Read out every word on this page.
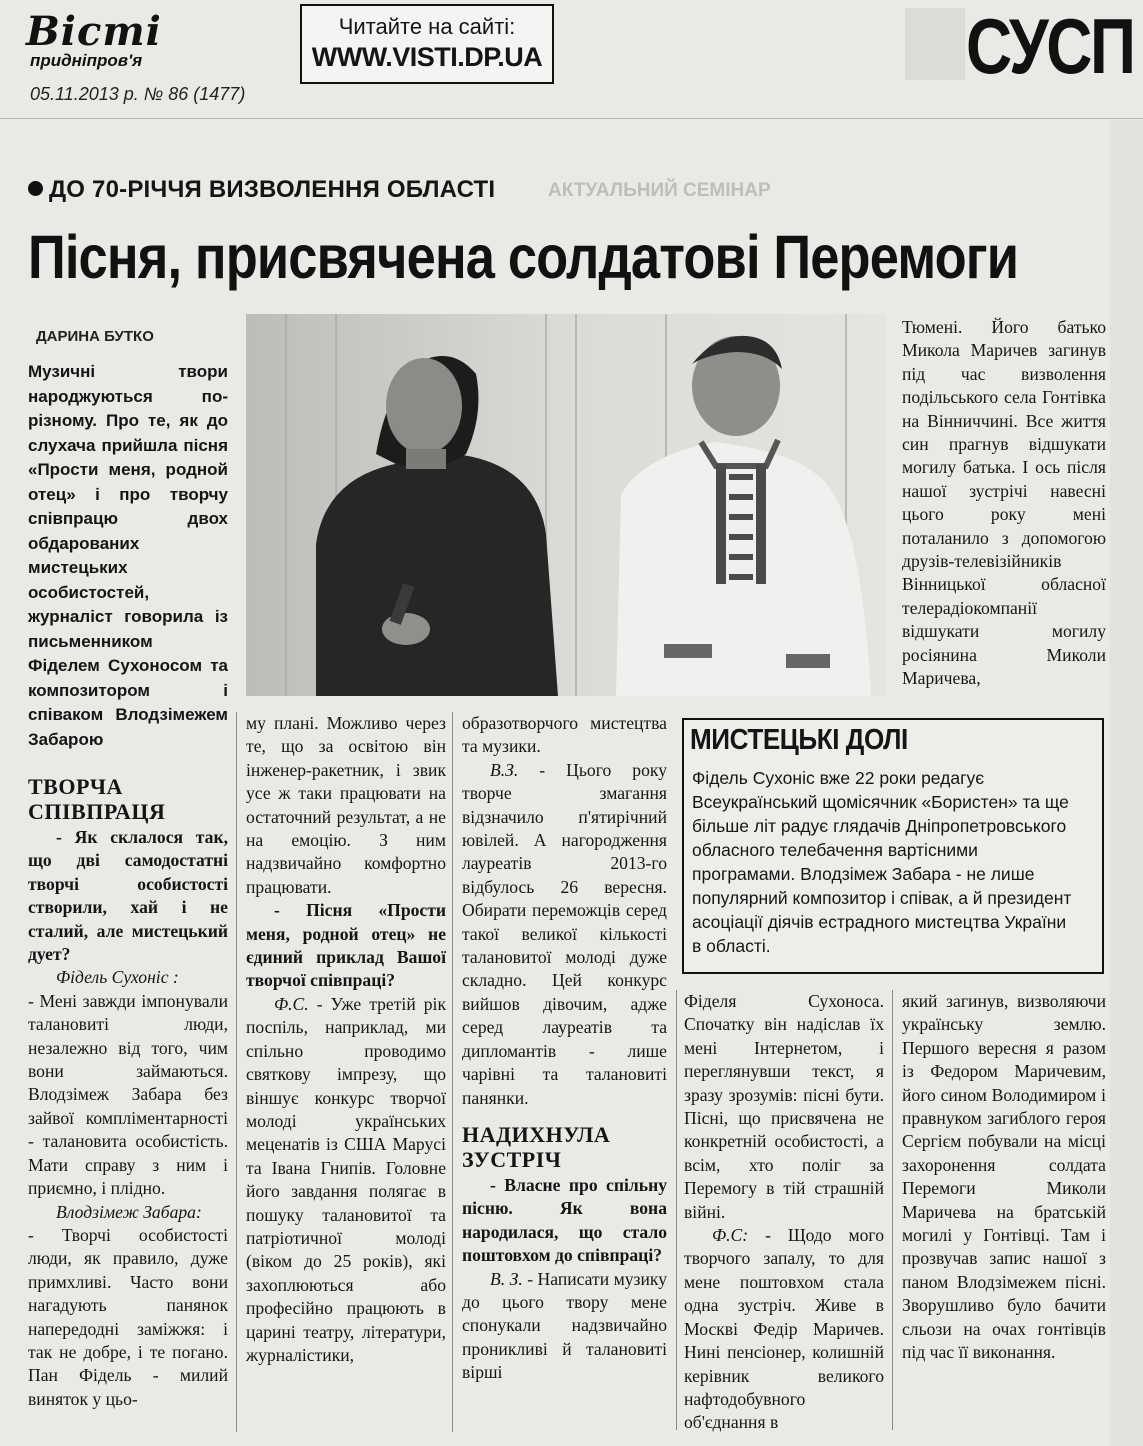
Вісті
придніпров'я
05.11.2013 р. № 86 (1477)
Читайте на сайті:
WWW.VISTI.DP.UA	СУСП
ДО 70-РІЧЧЯ ВИЗВОЛЕННЯ ОБЛАСТІ	АКТУАЛЬНИЙ СЕМІНАР
Пісня, присвячена солдатові Перемоги
ДАРИНА БУТКО
Музичні твори народжуються по-різному. Про те, як до слухача прийшла пісня «Прости меня, родной отец» і про творчу співпрацю двох обдарованих мистецьких особистостей, журналіст говорила із письменником Фіделем Сухоносом та композитором і співаком Влодзімежем Забарою
ТВОРЧА СПІВПРАЦЯ

- Як склалося так, що дві самодостатні творчі особистості створили, хай і не сталий, але мистецький дует?

Фідель Сухоніс :

- Мені завжди імпонували талановиті люди, незалежно від того, чим вони займаються. Влодзімеж Забара без зайвої компліментарності - талановита особистість. Мати справу з ним і приємно, і плідно.

Влодзімеж Забара:

- Творчі особистості люди, як правило, дуже примхливі. Часто вони нагадують панянок напередодні заміжжя: і так не добре, і те погано. Пан Фідель - милий виняток у цьо-

му плані. Можливо через те, що за освітою він інженер-ракетник, і звик усе ж таки працювати на остаточний результат, а не на емоцію. З ним надзвичайно комфортно працювати.

- Пісня «Прости меня, родной отец» не єдиний приклад Вашої творчої співпраці?

Ф.С. - Уже третій рік поспіль, наприклад, ми спільно проводимо святкову імпрезу, що віншує конкурс творчої молоді українських меценатів із США Марусі та Івана Гнипів. Головне його завдання полягає в пошуку талановитої та патріотичної молоді (віком до 25 років), які захоплюються або професійно працюють в царині театру, літератури, журналістики,

образотворчого мистецтва та музики.

В.З. - Цього року творче змагання відзначило п'ятирічний ювілей. А нагородження лауреатів 2013-го відбулось 26 вересня. Обирати переможців серед такої великої кількості талановитої молоді дуже складно. Цей конкурс вийшов дівочим, адже серед лауреатів та дипломантів - лише чарівні та талановиті панянки.

НАДИХНУЛА ЗУСТРІЧ

- Власне про спільну пісню. Як вона народилася, що стало поштовхом до співпраці?

В. З. - Написати музику до цього твору мене спонукали надзвичайно проникливі й талановиті вірші

Тюмені. Його батько Микола Маричев загинув під час визволення подільського села Гонтівка на Вінниччині. Все життя син прагнув відшукати могилу батька. І ось після нашої зустрічі навесні цього року мені поталанило з допомогою друзів-телевізійників Вінницької обласної телерадіокомпанії відшукати могилу росіянина Миколи Маричева,
МИСТЕЦЬКІ ДОЛІ
Фідель Сухоніс вже 22 роки редагує Всеукраїнський щомісячник «Бористен» та ще більше літ радує глядачів Дніпропетровського обласного телебачення вартісними програмами. Влодзімеж Забара - не лише популярний композитор і співак, а й президент асоціації діячів естрадного мистецтва України в області.

Фіделя Сухоноса. Спочатку він надіслав їх мені Інтернетом, і переглянувши текст, я зразу зрозумів: пісні бути. Пісні, що присвячена не конкретній особистості, а всім, хто поліг за Перемогу в тій страшній війні.

Ф.С: - Щодо мого творчого запалу, то для мене поштовхом стала одна зустріч. Живе в Москві Федір Маричев. Нині пенсіонер, колишній керівник великого нафтодобувного об'єднання в

який загинув, визволяючи українську землю. Першого вересня я разом із Федором Маричевим, його сином Володимиром і правнуком загиблого героя Сергієм побували на місці захоронення солдата Перемоги Миколи Маричева на братській могилі у Гонтівці. Там і прозвучав запис нашої з паном Влодзімежем пісні. Зворушливо було бачити сльози на очах гонтівців під час її виконання.
